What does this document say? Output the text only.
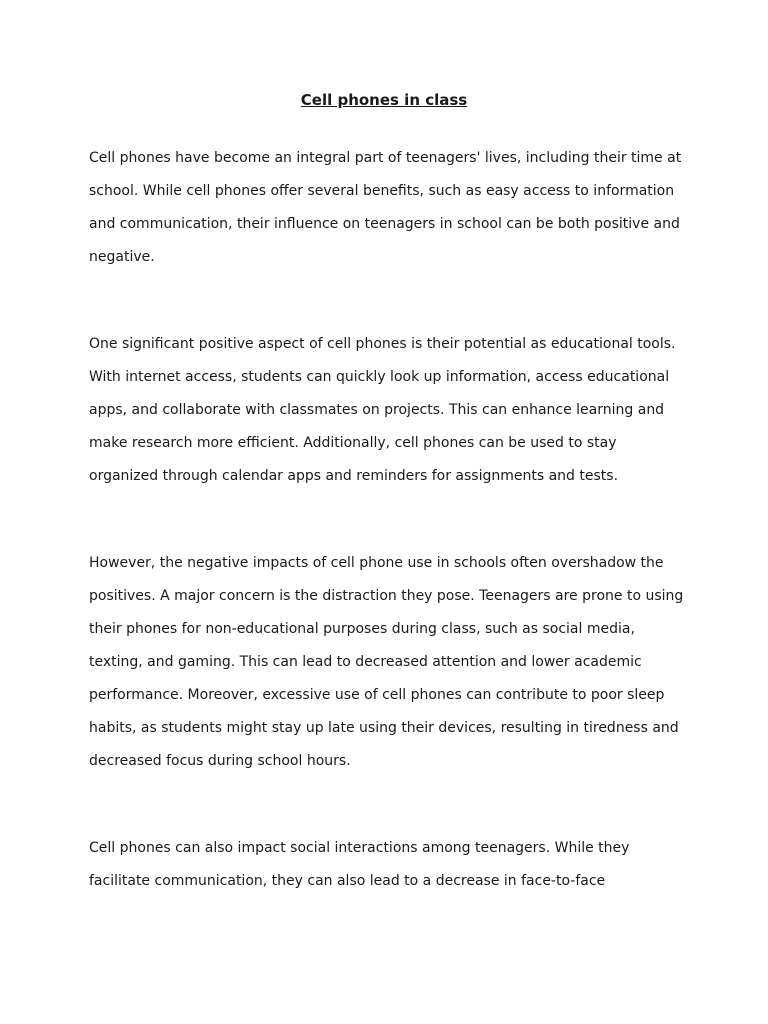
Cell phones in class

Cell phones have become an integral part of teenagers' lives, including their time at

school. While cell phones offer several benefits, such as easy access to information

and communication, their influence on teenagers in school can be both positive and

negative.

One significant positive aspect of cell phones is their potential as educational tools.

With internet access, students can quickly look up information, access educational

apps, and collaborate with classmates on projects. This can enhance learning and

make research more efficient. Additionally, cell phones can be used to stay

organized through calendar apps and reminders for assignments and tests.

However, the negative impacts of cell phone use in schools often overshadow the

positives. A major concern is the distraction they pose. Teenagers are prone to using

their phones for non-educational purposes during class, such as social media,

texting, and gaming. This can lead to decreased attention and lower academic

performance. Moreover, excessive use of cell phones can contribute to poor sleep

habits, as students might stay up late using their devices, resulting in tiredness and

decreased focus during school hours.

Cell phones can also impact social interactions among teenagers. While they

facilitate communication, they can also lead to a decrease in face-to-face
